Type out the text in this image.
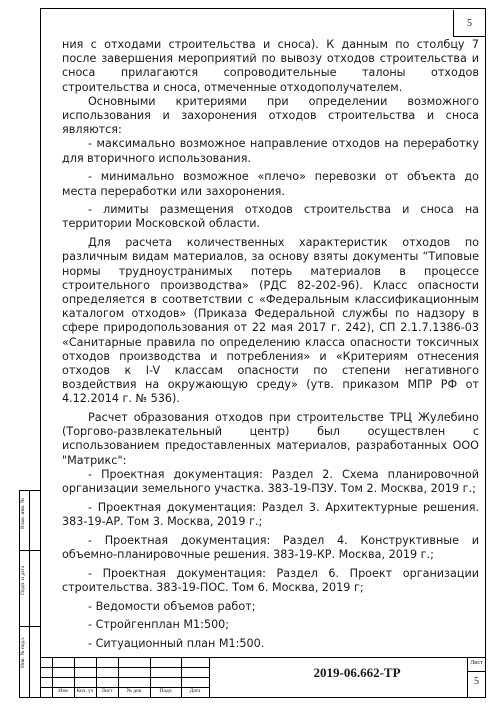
5

ния с отходами строительства и сноса). К данным по столбцу 7 после завершения мероприятий по вывозу отходов строительства и сноса прилагаются сопроводительные талоны отходов строительства и сноса, отмеченные отходополучателем.

Основными критериями при определении возможного использования и захоронения отходов строительства и сноса являются:

- максимально возможное направление отходов на переработку для вторичного использования.

- минимально возможное «плечо» перевозки от объекта до места переработки или захоронения.

- лимиты размещения отходов строительства и сноса на территории Московской области.

Для расчета количественных характеристик отходов по различным видам материалов, за основу взяты документы “Типовые нормы трудноустранимых потерь материалов в процессе строительного производства» (РДС 82-202-96). Класс опасности определяется в соответствии с «Федеральным классификационным каталогом отходов» (Приказа Федеральной службы по надзору в сфере природопользования от 22 мая 2017 г. 242), СП 2.1.7.1386-03 «Санитарные правила по определению класса опасности токсичных отходов производства и потребления» и «Критериям отнесения отходов к I-V классам опасности по степени негативного воздействия на окружающую среду» (утв. приказом МПР РФ от 4.12.2014 г. № 536).

Расчет образования отходов при строительстве ТРЦ Жулебино (Торгово-развлекательный центр) был осуществлен с использованием предоставленных материалов, разработанных ООО "Матрикс":

- Проектная документация: Раздел 2. Схема планировочной организации земельного участка. 383-19-ПЗУ. Том 2. Москва, 2019 г.;

- Проектная документация: Раздел 3. Архитектурные решения. 383-19-АР. Том 3. Москва, 2019 г.;

- Проектная документация: Раздел 4. Конструктивные и объемно-планировочные решения. 383-19-КР. Москва, 2019 г.;

- Проектная документация: Раздел 6. Проект организации строительства. 383-19-ПОС. Том 6. Москва, 2019 г;

- Ведомости объемов работ;

- Стройгенплан М1:500;

- Ситуационный план М1:500.

Инв. № подл.
Подп. и дата
Взам. инв. №
Изм	Кол. уч	Лист	№ док	Подп	Дата
2019-06.662-ТР
Лист
5
